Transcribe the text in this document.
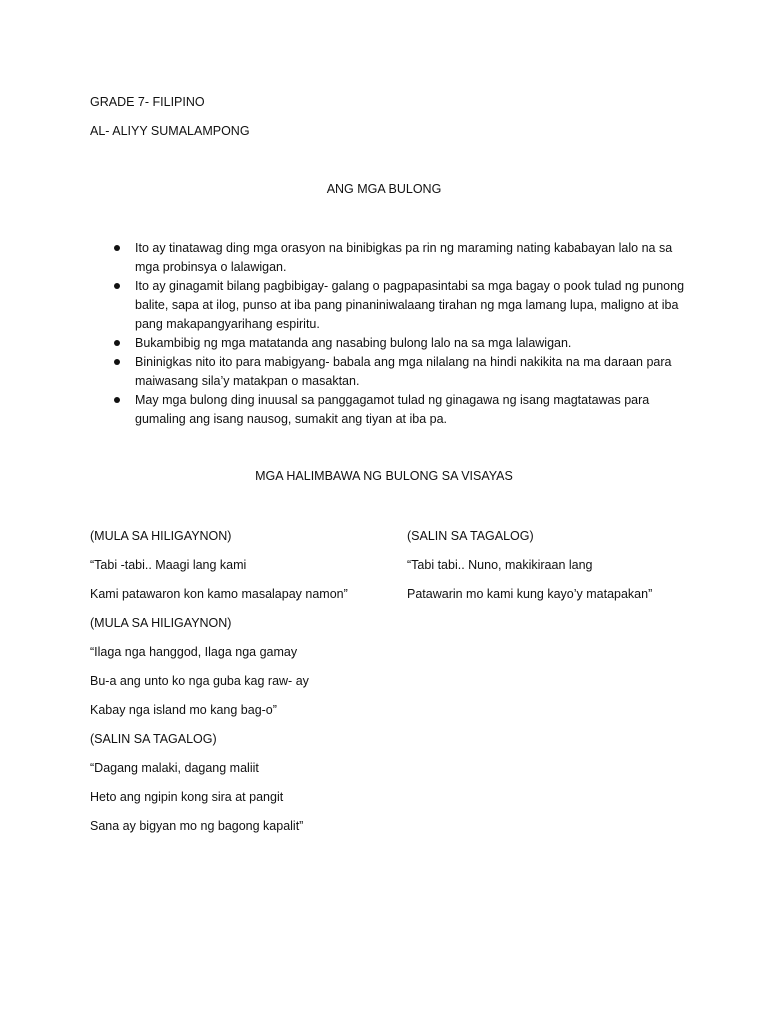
GRADE 7- FILIPINO
AL- ALIYY SUMALAMPONG
ANG MGA BULONG
Ito ay tinatawag ding mga orasyon na binibigkas pa rin ng maraming nating kababayan lalo na sa mga probinsya o lalawigan.
Ito ay ginagamit bilang pagbibigay- galang o pagpapasintabi sa mga bagay o pook tulad ng punong balite, sapa at ilog, punso at iba pang pinaniniwalaang tirahan ng mga lamang lupa, maligno at iba pang makapangyarihang espiritu.
Bukambibig ng mga matatanda ang nasabing bulong lalo na sa mga lalawigan.
Bininigkas nito ito para mabigyang- babala ang mga nilalang na hindi nakikita na ma daraan para maiwasang sila’y matakpan o masaktan.
May mga bulong ding inuusal sa panggagamot tulad ng ginagawa ng isang magtatawas para gumaling ang isang nausog, sumakit ang tiyan at iba pa.
MGA HALIMBAWA NG BULONG SA VISAYAS
(MULA SA HILIGAYNON)
“Tabi -tabi.. Maagi lang kami
Kami patawaron kon kamo masalapay namon”
(MULA SA HILIGAYNON)
“Ilaga nga hanggod, Ilaga nga gamay
Bu-a ang unto ko nga guba kag raw- ay
Kabay nga island mo kang bag-o”
(SALIN SA TAGALOG)
“Dagang malaki, dagang maliit
Heto ang ngipin kong sira at pangit
Sana ay bigyan mo ng bagong kapalit”
(SALIN SA TAGALOG)
“Tabi tabi.. Nuno, makikiraan lang
Patawarin mo kami kung kayo’y matapakan”
